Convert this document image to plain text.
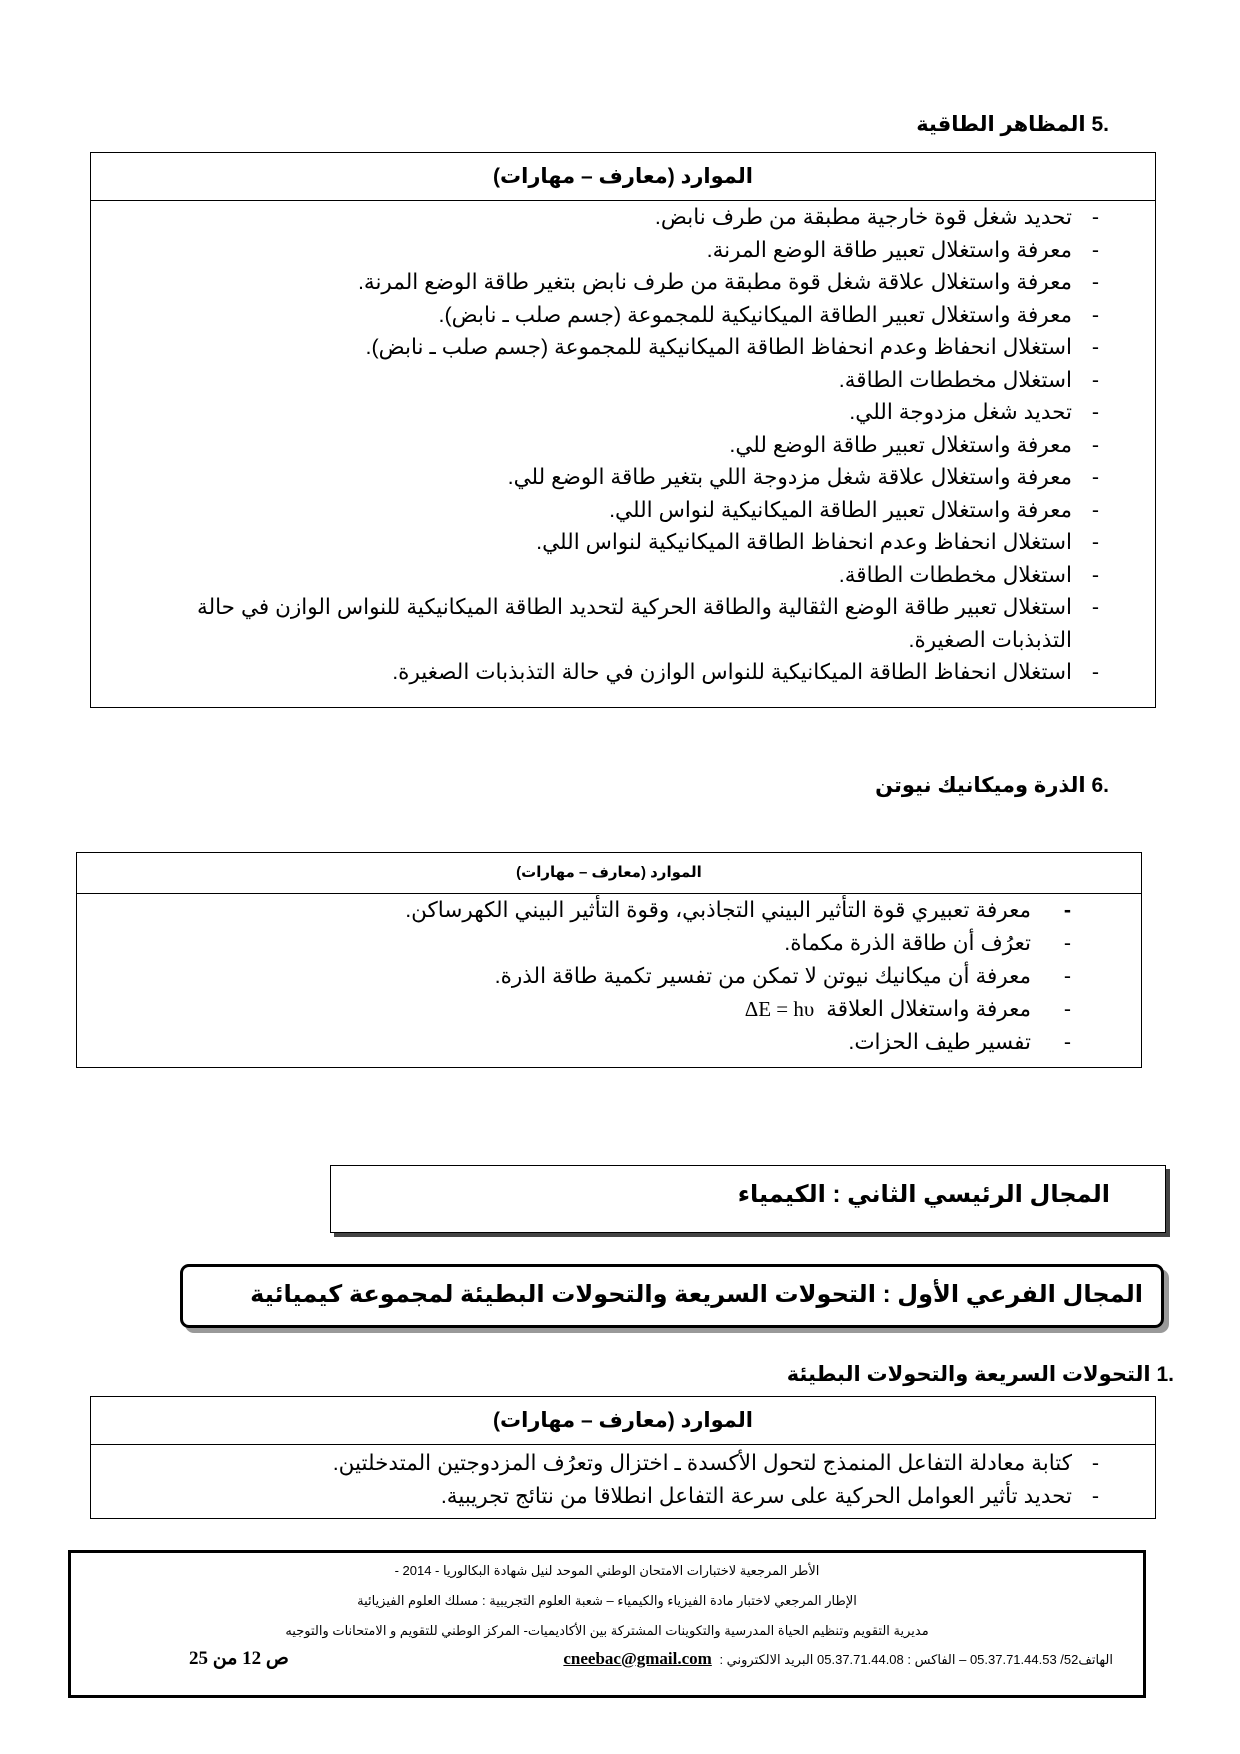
.5 المظاهر الطاقية
الموارد (معارف – مهارات)
-
تحديد شغل قوة خارجية مطبقة من طرف نابض.
-
معرفة واستغلال تعبير طاقة الوضع المرنة.
-
معرفة واستغلال علاقة شغل قوة مطبقة من طرف نابض بتغير طاقة الوضع المرنة.
-
معرفة واستغلال تعبير الطاقة الميكانيكية للمجموعة (جسم صلب ـ نابض).
-
استغلال انحفاظ وعدم انحفاظ الطاقة الميكانيكية للمجموعة (جسم صلب ـ نابض).
-
استغلال مخططات الطاقة.
-
تحديد شغل مزدوجة اللي.
-
معرفة واستغلال تعبير طاقة الوضع للي.
-
معرفة واستغلال علاقة شغل مزدوجة اللي بتغير طاقة الوضع للي.
-
معرفة واستغلال تعبير الطاقة الميكانيكية لنواس اللي.
-
استغلال انحفاظ وعدم انحفاظ الطاقة الميكانيكية لنواس اللي.
-
استغلال مخططات الطاقة.
-
استغلال تعبير طاقة الوضع الثقالية والطاقة الحركية لتحديد الطاقة الميكانيكية للنواس الوازن في حالة التذبذبات الصغيرة.
-
استغلال انحفاظ الطاقة الميكانيكية للنواس الوازن في حالة التذبذبات الصغيرة.
.6 الذرة وميكانيك نيوتن
الموارد (معارف – مهارات)
-
معرفة تعبيري قوة التأثير البيني التجاذبي، وقوة التأثير البيني الكهرساكن.
-
تعرُف أن طاقة الذرة مكماة.
-
معرفة أن ميكانيك نيوتن لا تمكن من تفسير تكمية طاقة الذرة.
-
معرفة واستغلال العلاقة ΔE = hυ
-
تفسير طيف الحزات.
المجال الرئيسي الثاني : الكيمياء
المجال الفرعي الأول : التحولات السريعة والتحولات البطيئة لمجموعة كيميائية
.1 التحولات السريعة والتحولات البطيئة
الموارد (معارف – مهارات)
-
كتابة معادلة التفاعل المنمذج لتحول الأكسدة ـ اختزال وتعرُف المزدوجتين المتدخلتين.
-
تحديد تأثير العوامل الحركية على سرعة التفاعل انطلاقا من نتائج تجريبية.
الأطر المرجعية لاختبارات الامتحان الوطني الموحد لنيل شهادة البكالوريا - 2014 -
الإطار المرجعي لاختبار مادة الفيزياء والكيمياء – شعبة العلوم التجريبية : مسلك العلوم الفيزيائية
مديرية التقويم وتنظيم الحياة المدرسية والتكوينات المشتركة بين الأكاديميات- المركز الوطني للتقويم و الامتحانات والتوجيه
الهاتف52/ 05.37.71.44.53 – الفاكس : 05.37.71.44.08 البريد الالكتروني : cneebac@gmail.com
ص 12 من 25
